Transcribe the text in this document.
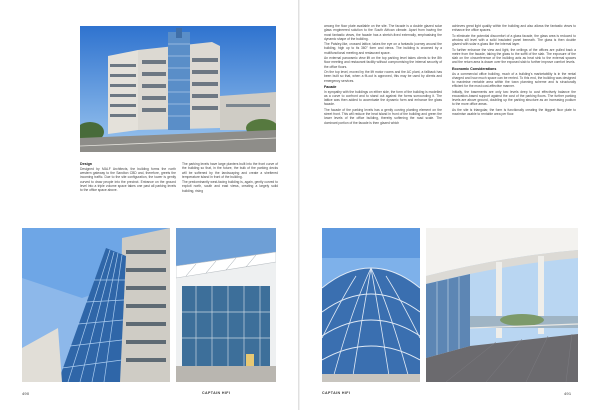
Design

Designed by MALF Architects, the building forms the north western gateway to the Sandton CBD and, therefore, greets the incoming traffic. Due to the site configuration, the tower is gently curved to draw people into the precinct. Entrance on the ground level into a triple volume space takes one past all parking levels to the office space above.

The parking levels have large planters built into the front curve of the building so that, in the future, the bulk of the parking decks will be softened by the landscaping and create a sheltered temperature island in front of the building.

The predominantly west-facing building is, again, gently curved to exploit north, south and east views, creating a largely solid building, rising

490	CAPTAIN HIFI

among the floor plate available on the site. The facade is a double glazed solar glass engineered solution to the South African climate. Apart from having the most fantastic views, the facade has a stretch-fixed externally, emphasising the dynamic shape of the building.

The Paisley-like, crossed lattice, takes the eye on a fantastic journey around the building, high up to its 360° form and views. The building is crowned by a multifunctional meeting and restaurant space.

An external panoramic view lift on the top parking level takes clients to the 8th floor meeting and restaurant facility without compromising the internal security of the office floors.

On the top level, moved by the lift motor rooms and the AC plant, a fallback has been built so that, when a fit-out is approved, this may be used by clients and emergency services.

Facade

In sympathy with the buildings on either side, the form of the building is modelled as a curve to confront and to stand out against the forms surrounding it. The lattice was then added to accentuate the dynamic form and enhance the glass facade.

The facade of the parking levels has a gently curving planting element on the street front. This will reduce the heat island in front of the building and green the lower levels of the office building, thereby softening the road scale. The dominant portion of the facade is then glazed which

achieves great light quality within the building and also allows the fantastic views to enhance the office spaces.

To eliminate the potential discomfort of a glass facade, the glass area is reduced to window sill level with a solid insulated panel beneath. The glass is then double glazed with solar e-glass like the internal layer.

To further enhance the view and light, the ceilings of the offices are pulled back a metre from the facade, taking the glass to the soffit of the slab. The exposure of the slab on the circumference of the building acts as heat sink to the external spaces and the return area is drawn over the exposed slab to further improve comfort levels.

Economic Considerations

As a commercial office building, much of a building's marketability is in the rental charged and how much space can be rented. To this end, the building was designed to maximise rentable area within the town planning scheme and is structurally efficient for the most cost-effective manner.

Initially, the basements are only two levels deep to cost effectively balance the excavation-based support against the cost of the parking floors. The further parking levels are above ground, doubling up the parking structure as an increasing podium to the more office areas.

As the site is triangular, the form is functionally creating the biggest floor plate to maximise usable to rentable area per floor.

CAPTAIN HIFI	491
